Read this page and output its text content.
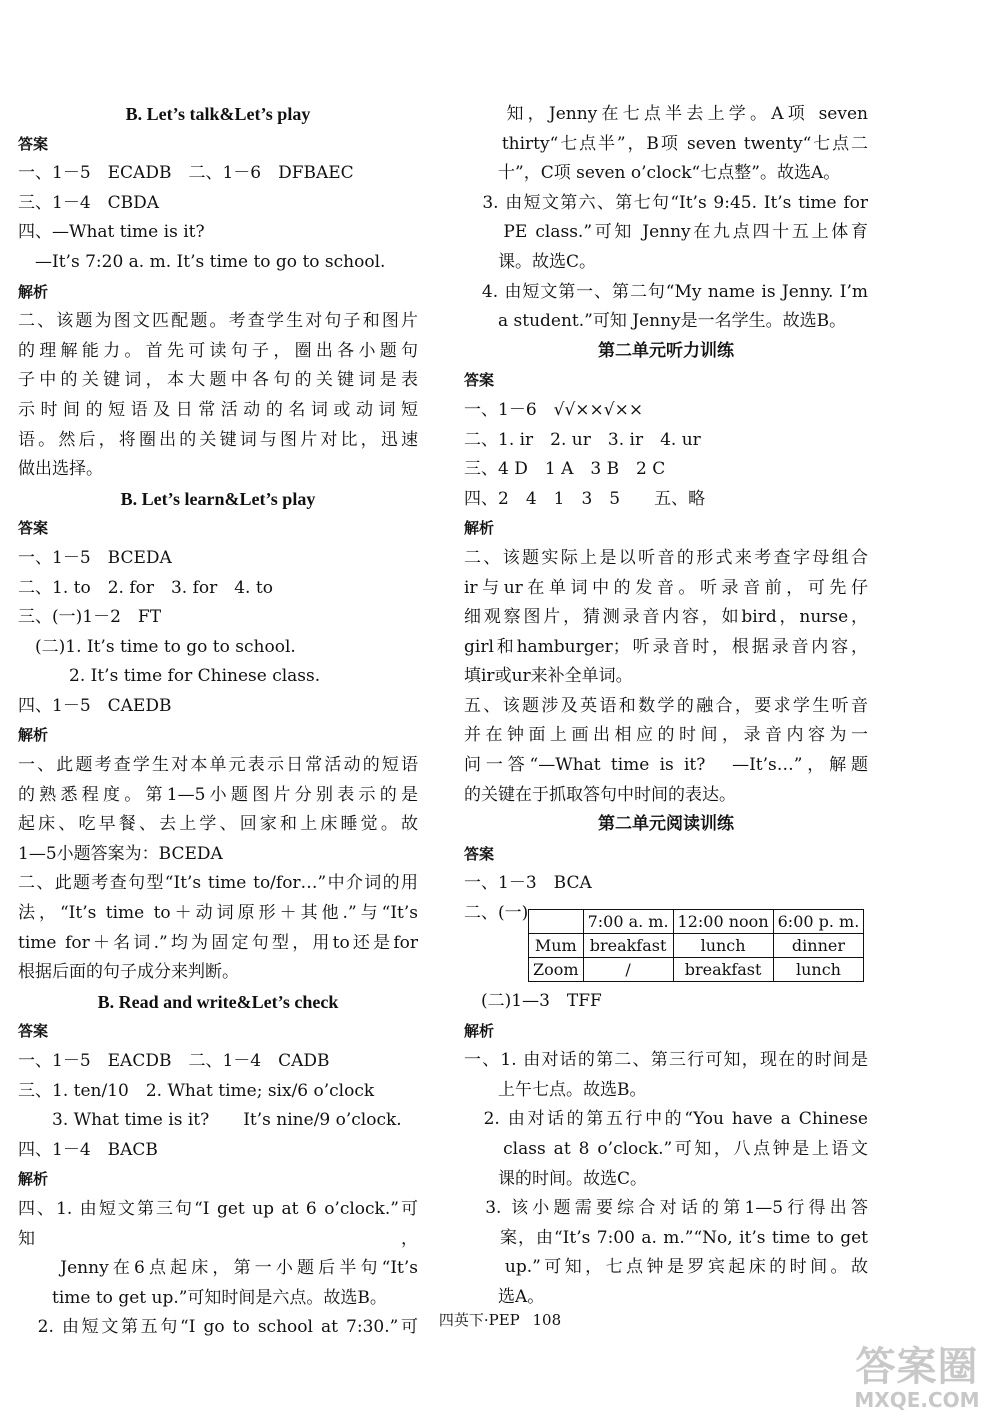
B. Let’s talk&Let’s play
答案
一、1－5　ECADB　二、1－6　DFBAEC
三、1－4　CBDA
四、—What time is it?
　—It’s 7:20 a. m. It’s time to go to school.
解析
二、该题为图文匹配题。考查学生对句子和图片
的理解能力。首先可读句子，圈出各小题句
子中的关键词，本大题中各句的关键词是表
示时间的短语及日常活动的名词或动词短
语。然后，将圈出的关键词与图片对比，迅速
做出选择。
B. Let’s learn&Let’s play
答案
一、1－5　BCEDA
二、1. to　2. for　3. for　4. to
三、(一)1－2　FT
　(二)1. It’s time to go to school.
　　　2. It’s time for Chinese class.
四、1－5　CAEDB
解析
一、此题考查学生对本单元表示日常活动的短语
的熟悉程度。第1—5小题图片分别表示的是
起床、吃早餐、去上学、回家和上床睡觉。故
1—5小题答案为：BCEDA
二、此题考查句型“It’s time to/for…”中介词的用
法，“It’s time to＋动词原形＋其他.”与“It’s
time for＋名词.”均为固定句型，用to还是for
根据后面的句子成分来判断。
B. Read and write&Let’s check
答案
一、1－5　EACDB　二、1－4　CADB
三、1. ten/10　2. What time; six/6 o’clock
　　3. What time is it?　　It’s nine/9 o’clock.
四、1－4　BACB
解析
四、1. 由短文第三句“I get up at 6 o’clock.”可知，
　　Jenny在6点起床，第一小题后半句“It’s
　　time to get up.”可知时间是六点。故选B。
　2. 由短文第五句“I go to school at 7:30.”可
　　知，Jenny在七点半去上学。A项 seven
　　thirty“七点半”，B项 seven twenty“七点二
　　十”，C项 seven o’clock“七点整”。故选A。
　3. 由短文第六、第七句“It’s 9:45. It’s time for
　　PE class.”可知 Jenny在九点四十五上体育
　　课。故选C。
　4. 由短文第一、第二句“My name is Jenny. I’m
　　a student.”可知 Jenny是一名学生。故选B。
第二单元听力训练
答案
一、1－6　√√××√××
二、1. ir　2. ur　3. ir　4. ur
三、4 D　1 A　3 B　2 C
四、2　4　1　3　5　　五、略
解析
二、该题实际上是以听音的形式来考查字母组合
ir与ur在单词中的发音。听录音前，可先仔
细观察图片，猜测录音内容，如bird，nurse，
girl和hamburger；听录音时，根据录音内容，
填ir或ur来补全单词。
五、该题涉及英语和数学的融合，要求学生听音
并在钟面上画出相应的时间，录音内容为一
问一答“—What time is it?　—It’s…”，解题
的关键在于抓取答句中时间的表达。
第二单元阅读训练
答案
一、1－3　BCA
二、(一)
		7:00 a. m.	12:00 noon	6:00 p. m.
Mum	breakfast	lunch	dinner
Zoom	/	breakfast	lunch
　(二)1—3　TFF
解析
一、1. 由对话的第二、第三行可知，现在的时间是
　　上午七点。故选B。
　2. 由对话的第五行中的“You have a Chinese
　　class at 8 o’clock.”可知，八点钟是上语文
　　课的时间。故选C。
　3. 该小题需要综合对话的第1—5行得出答
　　案，由“It’s 7:00 a. m.”“No, it’s time to get
　　up.”可知，七点钟是罗宾起床的时间。故
　　选A。
四英下·PEP 108
答案圈
MXQE.COM
